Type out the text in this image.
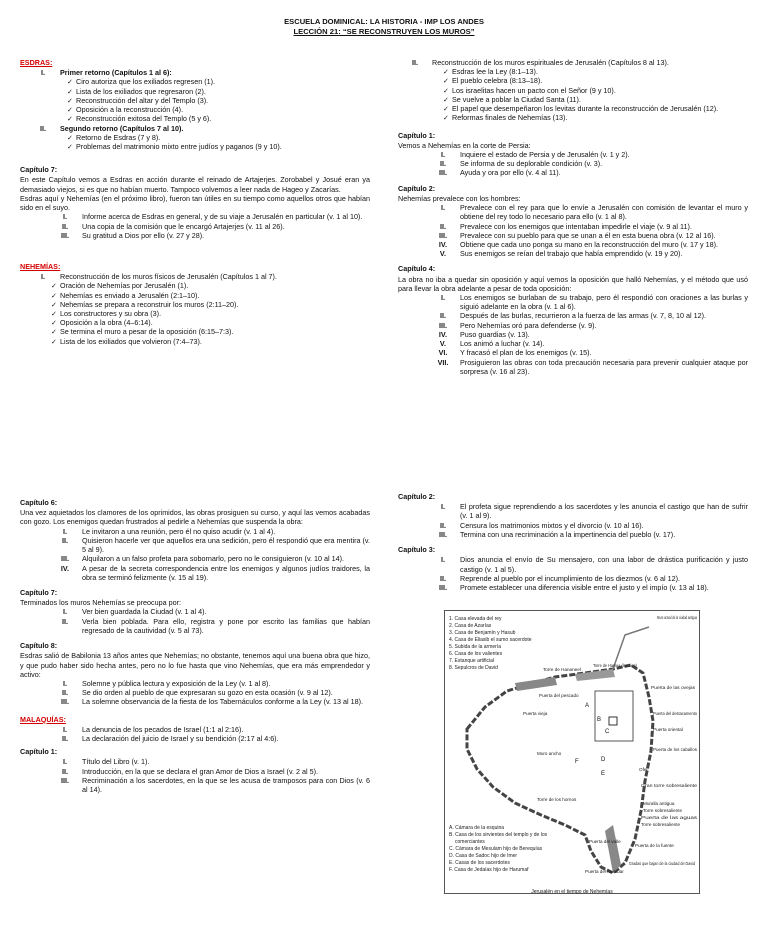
ESCUELA DOMINICAL: LA HISTORIA - IMP LOS ANDES
LECCIÓN 21: “SE RECONSTRUYEN LOS MUROS”
ESDRAS:
I.	Primer retorno (Capítulos 1 al 6):
✓ Ciro autoriza que los exiliados regresen (1).
✓ Lista de los exiliados que regresaron (2).
✓ Reconstrucción del altar y del Templo (3).
✓ Oposición a la reconstrucción (4).
✓ Reconstrucción exitosa del Templo (5 y 6).
II.	Segundo retorno (Capítulos 7 al 10).
✓ Retorno de Esdras (7 y 8).
✓ Problemas del matrimonio mixto entre judíos y paganos (9 y 10).
Capítulo 7:
En este Capítulo vemos a Esdras en acción durante el reinado de Artajerjes. Zorobabel y Josué eran ya demasiado viejos, si es que no habían muerto. Tampoco volvemos a leer nada de Hageo y Zacarías.
Esdras aquí y Nehemías (en el próximo libro), fueron tan útiles en su tiempo como aquellos otros que habían sido en el suyo.
I.	Informe acerca de Esdras en general, y de su viaje a Jerusalén en particular (v. 1 al 10).
II.	Una copia de la comisión que le encargó Artajerjes (v. 11 al 26).
III.	Su gratitud a Dios por ello (v. 27 y 28).
NEHEMÍAS:
I.	Reconstrucción de los muros físicos de Jerusalén (Capítulos 1 al 7).
✓ Oración de Nehemías por Jerusalén (1).
✓ Nehemías es enviado a Jerusalén (2:1–10).
✓ Nehemías se prepara a reconstruir los muros (2:11–20).
✓ Los constructores y su obra (3).
✓ Oposición a la obra (4–6:14).
✓ Se termina el muro a pesar de la oposición (6:15–7:3).
✓ Lista de los exiliados que volvieron (7:4–73).
II.	Reconstrucción de los muros espirituales de Jerusalén (Capítulos 8 al 13).
✓ Esdras lee la Ley (8:1–13).
✓ El pueblo celebra (8:13–18).
✓ Los israelitas hacen un pacto con el Señor (9 y 10).
✓ Se vuelve a poblar la Ciudad Santa (11).
✓ El papel que desempeñaron los levitas durante la reconstrucción de Jerusalén (12).
✓ Reformas finales de Nehemías (13).
Capítulo 1:
Vemos a Nehemías en la corte de Persia:
I.	Inquiere el estado de Persia y de Jerusalén (v. 1 y 2).
II.	Se informa de su deplorable condición (v. 3).
III.	Ayuda y ora por ello (v. 4 al 11).
Capítulo 2:
Nehemías prevalece con los hombres:
I.	Prevalece con el rey para que lo envíe a Jerusalén con comisión de levantar el muro y obtiene del rey todo lo necesario para ello (v. 1 al 8).
II.	Prevalece con los enemigos que intentaban impedirle el viaje (v. 9 al 11).
III.	Prevalece con su pueblo para que se unan a él en esta buena obra (v. 12 al 16).
IV.	Obtiene que cada uno ponga su mano en la reconstrucción del muro (v. 17 y 18).
V.	Sus enemigos se reían del trabajo que había emprendido (v. 19 y 20).
Capítulo 4:
La obra no iba a quedar sin oposición y aquí vemos la oposición que halló Nehemías, y el método que usó para llevar la obra adelante a pesar de toda oposición:
I.	Los enemigos se burlaban de su trabajo, pero él respondió con oraciones a las burlas y siguió adelante en la obra (v. 1 al 6).
II.	Después de las burlas, recurrieron a la fuerza de las armas (v. 7, 8, 10 al 12).
III.	Pero Nehemías oró para defenderse (v. 9).
IV.	Puso guardias (v. 13).
V.	Los animó a luchar (v. 14).
VI.	Y fracasó el plan de los enemigos (v. 15).
VII.	Prosiguieron las obras con toda precaución necesaria para prevenir cualquier ataque por sorpresa (v. 16 al 23).
Capítulo 6:
Una vez aquietados los clamores de los oprimidos, las obras prosiguen su curso, y aquí las vemos acabadas con gozo. Los enemigos quedan frustrados al pedirle a Nehemías que suspenda la obra:
I.	Le invitaron a una reunión, pero él no quiso acudir (v. 1 al 4).
II.	Quisieron hacerle ver que aquellos era una sedición, pero él respondió que era mentira (v. 5 al 9).
III.	Alquilaron a un falso profeta para sobornarlo, pero no le consiguieron (v. 10 al 14).
IV.	A pesar de la secreta correspondencia entre los enemigos y algunos judíos traidores, la obra se terminó felizmente (v. 15 al 19).
Capítulo 7:
Terminados los muros Nehemías se preocupa por:
I.	Ver bien guardada la Ciudad (v. 1 al 4).
II.	Verla bien poblada. Para ello, registra y pone por escrito las familias que habían regresado de la cautividad (v. 5 al 73).
Capítulo 8:
Esdras salió de Babilonia 13 años antes que Nehemías; no obstante, tenemos aquí una buena obra que hizo, y que pudo haber sido hecha antes, pero no lo fue hasta que vino Nehemías, que era más emprendedor y activo:
I.	Solemne y pública lectura y exposición de la Ley (v. 1 al 8).
II.	Se dio orden al pueblo de que expresaran su gozo en esta ocasión (v. 9 al 12).
III.	La solemne observancia de la fiesta de los Tabernáculos conforme a la Ley (v. 13 al 18).
MALAQUÍAS:
I.	La denuncia de los pecados de Israel (1:1 al 2:16).
II.	La declaración del juicio de Israel y su bendición (2:17 al 4:6).
Capítulo 1:
I.	Título del Libro (v. 1).
II.	Introducción, en la que se declara el gran Amor de Dios a Israel (v. 2 al 5).
III.	Recriminación a los sacerdotes, en la que se les acusa de tramposos para con Dios (v. 6 al 14).
Capítulo 2:
I.	El profeta sigue reprendiendo a los sacerdotes y les anuncia el castigo que han de sufrir (v. 1 al 9).
II.	Censura los matrimonios mixtos y el divorcio (v. 10 al 16).
III.	Termina con una recriminación a la impertinencia del pueblo (v. 17).
Capítulo 3:
I.	Dios anuncia el envío de Su mensajero, con una labor de drástica purificación y justo castigo (v. 1 al 5).
II.	Reprende al pueblo por el incumplimiento de los diezmos (v. 6 al 12).
III.	Promete establecer una diferencia visible entre el justo y el impío (v. 13 al 18).
1. Casa elevada del rey
2. Casa de Azarías
3. Casa de Benjamín y Hasub
4. Casa de Eliasib el sumo sacerdote
5. Subida de la armería
6. Casa de los valientes
7. Estanque artificial
8. Sepulcros de David
A. Cámara de la esquina
B. Casa de los sirvientes del templo y de los
comerciantes
C. Cámara de Mesulam hijo de Berequías
D. Casa de Sadoc hijo de Imer
E. Casas de los sacerdotes
F. Casa de Jedaías hijo de Harumaf
Muro actual de la ciudad antigua
Torre de Hananeel
Torre de Hamea (los cien)
Puerta del pescado
Puerta de las ovejas
Puerta vieja
Muro ancho
Torre de los hornos
Puerta del valle
Puerta del muladar
Puerta del destacamento
Puerta oriental
Puerta de los caballos
Ofel
Gran torre sobresaliente
Muralla antigua
Torre sobresaliente
Puerta de las aguas
Torre sobresaliente
Puerta de la fuente
Gradas que bajan de la ciudad de David
A
B
C
D
E
F
Jerusalén en el tiempo de Nehemías
